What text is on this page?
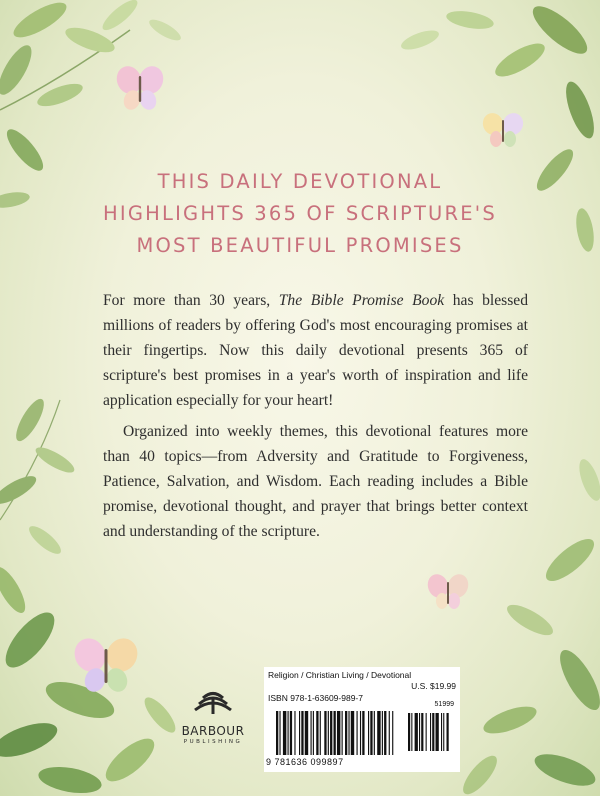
THIS DAILY DEVOTIONAL
HIGHLIGHTS 365 OF SCRIPTURE'S
MOST BEAUTIFUL PROMISES

For more than 30 years, The Bible Promise Book has blessed millions of readers by offering God's most encouraging promises at their fingertips. Now this daily devotional presents 365 of scripture's best promises in a year's worth of inspiration and life application especially for your heart!

Organized into weekly themes, this devotional features more than 40 topics—from Adversity and Gratitude to Forgiveness, Patience, Salvation, and Wisdom. Each reading includes a Bible promise, devotional thought, and prayer that brings better context and understanding of the scripture.

BARBOUR
PUBLISHING
Religion / Christian Living / Devotional
U.S. $19.99
ISBN 978-1-63609-989-7
51999
9 781636 099897
